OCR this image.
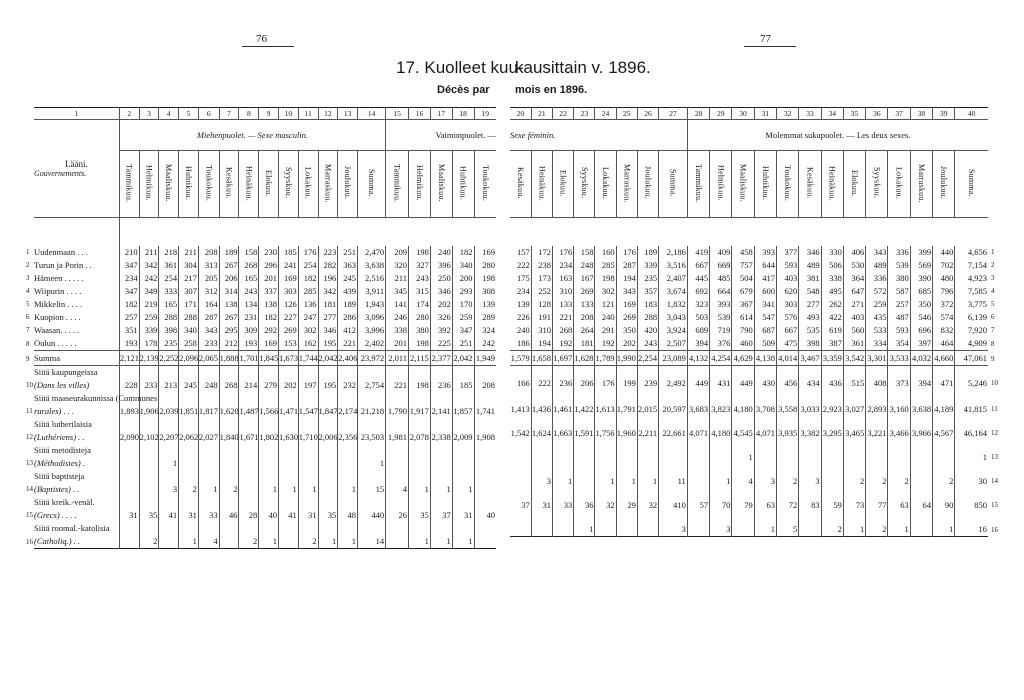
76	77
17. Kuolleet kuu-
kausittain v. 1896.
Décès par mois en 1896.
1	2	3	4	5	6	7	8	9	10	11	12	13	14	15	16	17	18	19

Lääni.
Gouvernements.	Miehenpuolet. — Sexe masculin.													Vaimonpuolet. —				
	Tammikuu.	Helmikuu.	Maaliskuu.	Huhtikuu.	Toukokuu.	Kesäkuu.	Heinäkuu.	Elokuu.	Syyskuu.	Lokakuu.	Marraskuu.	Joulukuu.	Summa.	Tammikuu.	Helmikuu.	Maaliskuu.	Huhtikuu.	Toukokuu.

Uudenmaan . . .	210	211	218	211	208	189	158	230	185	176	223	251	2,470	209	198	240	182	169

Turun ja Porin . .	347	342	361	304	313	267	268	296	241	254	282	363	3,638	320	327	396	340	280

Hämeen . . . . .	234	242	254	217	205	206	165	201	169	182	196	245	2,516	211	243	250	200	198

Wiipurin . . . .	347	349	333	307	312	314	243	337	303	285	342	439	3,911	345	315	346	293	308

Mikkelin . . . .	182	219	165	171	164	138	134	138	126	136	181	189	1,943	141	174	202	170	139

Kuopion . . . .	257	259	288	288	287	267	231	182	227	247	277	286	3,096	246	280	326	259	289

Waasan. . . . .	351	339	398	340	343	295	309	292	269	302	346	412	3,996	338	380	392	347	324

Oulun . . . . .	193	178	235	258	233	212	193	169	153	162	195	221	2,402	201	198	225	251	242

Summa	2,121	2,139	2,252	2,096	2,065	1,888	1,701	1,845	1,673	1,744	2,042	2,406	23,972	2,011	2,115	2,377	2,042	1,949

Siitä kaupungeissa
(Dans les villes)	228	233	213	245	248	268	214	279	202	197	195	232	2,754	221	198	236	185	208

Siitä maaseurakunnissa (Communes
rurales) . . .	1,893	1,906	2,039	1,851	1,817	1,620	1,487	1,566	1,471	1,547	1,847	2,174	21,218	1,790	1,917	2,141	1,857	1,741

Siitä lutherilaisia
(Luthériens) . .	2,090	2,102	2,207	2,062	2,027	1,840	1,671	1,802	1,630	1,710	2,006	2,356	23,503	1,981	2,078	2,338	2,009	1,908

Siitä metodisteja
(Méthodistes) .			1										1					

Siitä baptisteja
(Baptistes) . .			3	2	1	2		1	1	1		1	15	4	1	1	1	

Siitä kreik.-venäl.
(Grecs) . . . .	31	35	41	31	33	46	28	40	41	31	35	48	440	26	35	37	31	40

Siitä roomal.-katolisia
(Catholiq.) . .		2		1	4		2	1		2	1	1	14		1	1	1	
20	21	22	23	24	25	26	27	28	29	30	31	32	33	34	35	36	37	38	39	40
Sexe féminin.								Molemmat sukupuolet. — Les deux sexes.												
Kesäkuu.	Heinäkuu.	Elokuu.	Syyskuu.	Lokakuu.	Marraskuu.	Joulukuu.	Summa.	Tammikuu.	Helmikuu.	Maaliskuu.	Huhtikuu.	Toukokuu.	Kesäkuu.	Heinäkuu.	Elokuu.	Syyskuu.	Lokakuu.	Marraskuu.	Joulukuu.	Summa.

157	172	176	158	160	176	189	2,186	419	409	458	393	377	346	330	406	343	336	399	440	4,656
222	238	234	248	285	287	339	3,516	667	669	757	644	593	489	506	530	489	539	569	702	7,154
175	173	163	167	198	194	235	2,407	445	485	504	417	403	381	338	364	336	380	390	480	4,923
234	252	310	269	302	343	357	3,674	692	664	679	600	620	548	495	647	572	587	685	796	7,585
139	128	133	133	121	169	183	1,832	323	393	367	341	303	277	262	271	259	257	350	372	3,775
226	191	221	208	240	269	288	3,043	503	539	614	547	576	493	422	403	435	487	546	574	6,139
240	310	268	264	291	350	420	3,924	689	719	790	687	667	535	619	560	533	593	696	832	7,920
186	194	192	181	192	202	243	2,507	394	376	460	509	475	398	387	361	334	354	397	464	4,909
1,579	1,658	1,697	1,628	1,789	1,990	2,254	23,089	4,132	4,254	4,629	4,138	4,014	3,467	3,359	3,542	3,301	3,533	4,032	4,660	47,061
166	222	236	206	176	199	239	2,492	449	431	449	430	456	434	436	515	408	373	394	471	5,246
1,413	1,436	1,461	1,422	1,613	1,791	2,015	20,597	3,683	3,823	4,180	3,708	3,558	3,033	2,923	3,027	2,893	3,160	3,638	4,189	41,815
1,542	1,624	1,663	1,591	1,756	1,960	2,211	22,661	4,071	4,180	4,545	4,071	3,935	3,382	3,295	3,465	3,221	3,466	3,966	4,567	46,164
										1										1
	3	1		1	1	1	11		1	4	3	2	3		2	2	2		2	30
37	31	33	36	32	29	32	410	57	70	79	63	72	83	59	73	77	63	64	90	850
			1				3		3		1	5		2	1	2	1		1	16
1
2
3
4
5
6
7
8
9
10
11
12
13
14
15
16
1
2
3
4
5
6
7
8
9
10
11
12
13
14
15
16
